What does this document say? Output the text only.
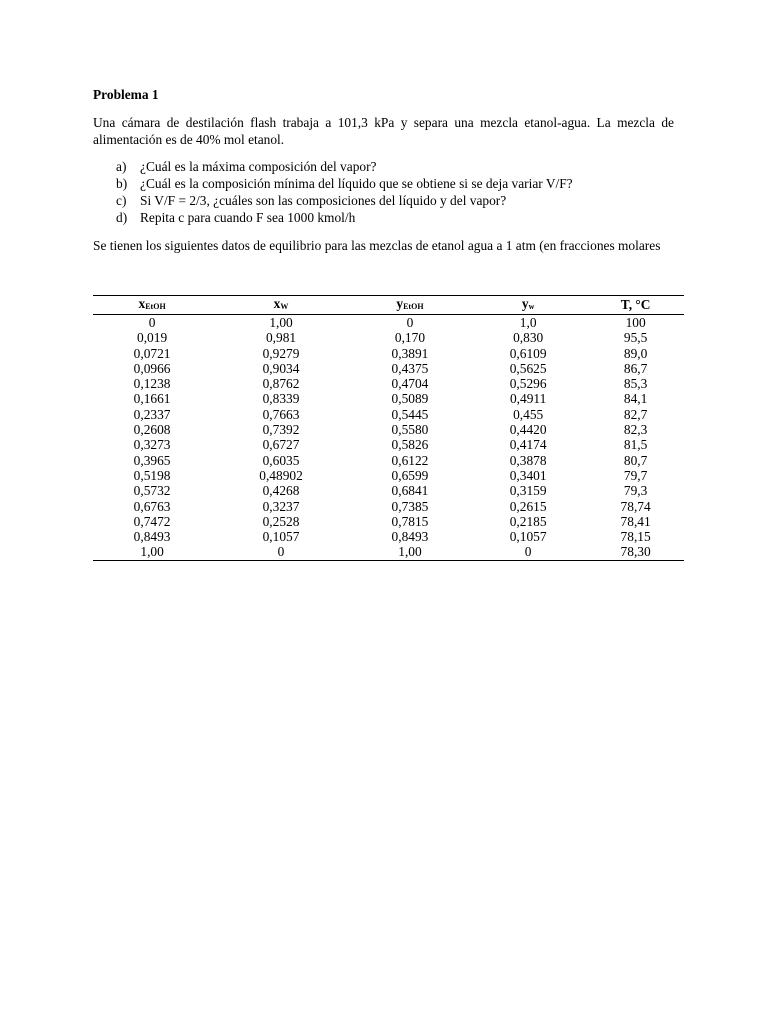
Problema 1

Una cámara de destilación flash trabaja a 101,3 kPa y separa una mezcla etanol-agua. La mezcla de alimentación es de 40% mol etanol.

a)	¿Cuál es la máxima composición del vapor?
b) ¿Cuál es la composición mínima del líquido que se obtiene si se deja variar V/F?
c)	Si V/F = 2/3, ¿cuáles son las composiciones del líquido y del vapor?
d) Repita c para cuando F sea 1000 kmol/h

Se tienen los siguientes datos de equilibrio para las mezclas de etanol agua a 1 atm (en fracciones molares

xEtOH	xW	yEtOH	yw	T, °C
0	1,00	0	1,0	100
0,019	0,981	0,170	0,830	95,5
0,0721	0,9279	0,3891	0,6109	89,0
0,0966	0,9034	0,4375	0,5625	86,7
0,1238	0,8762	0,4704	0,5296	85,3
0,1661	0,8339	0,5089	0,4911	84,1
0,2337	0,7663	0,5445	0,455	82,7
0,2608	0,7392	0,5580	0,4420	82,3
0,3273	0,6727	0,5826	0,4174	81,5
0,3965	0,6035	0,6122	0,3878	80,7
0,5198	0,48902	0,6599	0,3401	79,7
0,5732	0,4268	0,6841	0,3159	79,3
0,6763	0,3237	0,7385	0,2615	78,74
0,7472	0,2528	0,7815	0,2185	78,41
0,8493	0,1057	0,8493	0,1057	78,15
1,00	0	1,00	0	78,30
